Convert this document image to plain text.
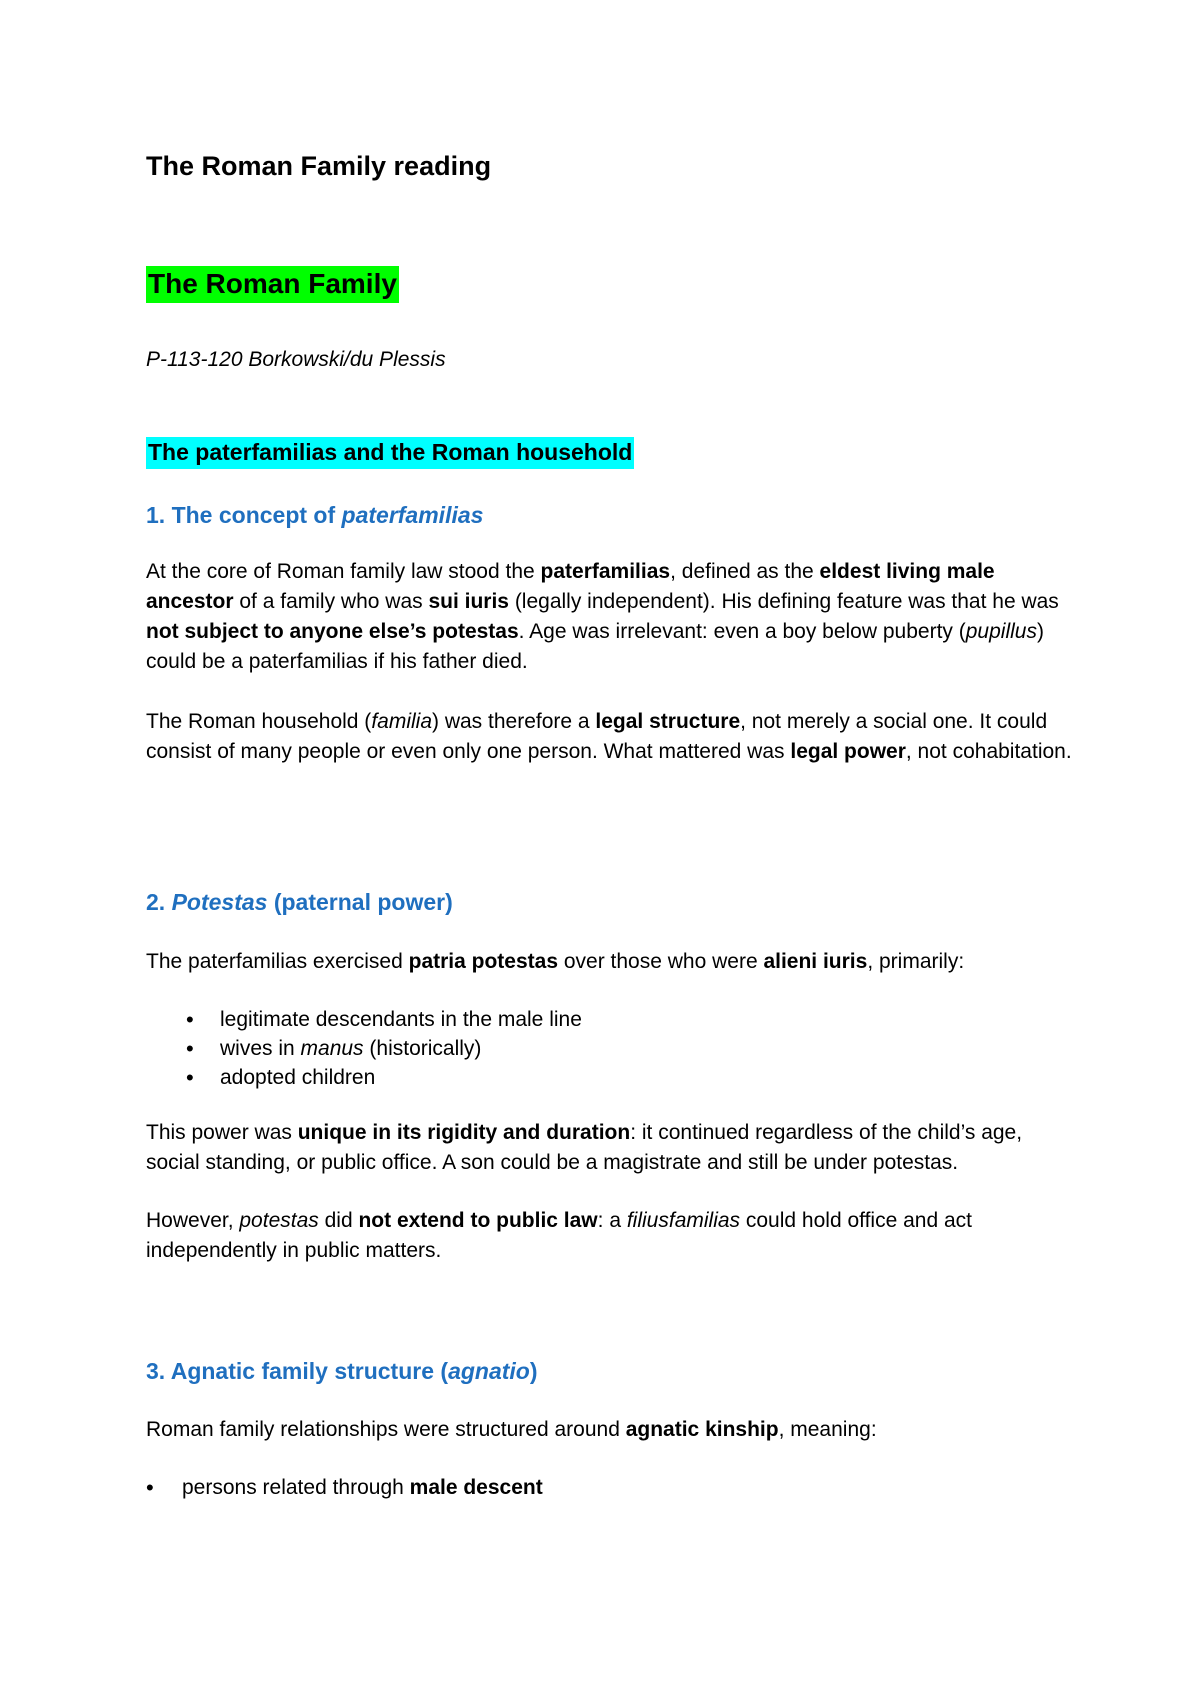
The Roman Family reading
The Roman Family

P-113-120 Borkowski/du Plessis

The paterfamilias and the Roman household
1. The concept of paterfamilias

At the core of Roman family law stood the paterfamilias, defined as the eldest living male ancestor of a family who was sui iuris (legally independent). His defining feature was that he was not subject to anyone else’s potestas. Age was irrelevant: even a boy below puberty (pupillus) could be a paterfamilias if his father died.

The Roman household (familia) was therefore a legal structure, not merely a social one. It could consist of many people or even only one person. What mattered was legal power, not cohabitation.

2. Potestas (paternal power)

The paterfamilias exercised patria potestas over those who were alieni iuris, primarily:

• legitimate descendants in the male line
• wives in manus (historically)
• adopted children

This power was unique in its rigidity and duration: it continued regardless of the child’s age, social standing, or public office. A son could be a magistrate and still be under potestas.

However, potestas did not extend to public law: a filiusfamilias could hold office and act independently in public matters.

3. Agnatic family structure (agnatio)

Roman family relationships were structured around agnatic kinship, meaning:

• persons related through male descent
